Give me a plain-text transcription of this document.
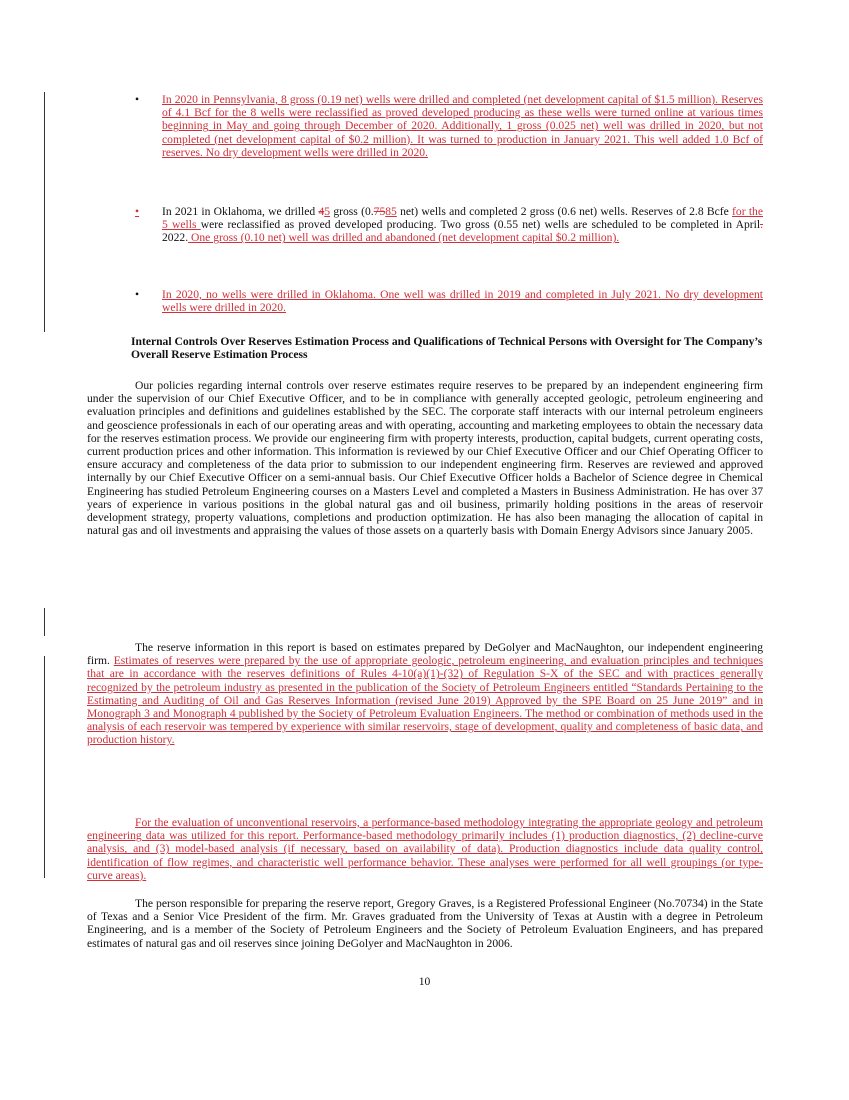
• In 2020 in Pennsylvania, 8 gross (0.19 net) wells were drilled and completed (net development capital of $1.5 million). Reserves of 4.1 Bcf for the 8 wells were reclassified as proved developed producing as these wells were turned online at various times beginning in May and going through December of 2020. Additionally, 1 gross (0.025 net) well was drilled in 2020, but not completed (net development capital of $0.2 million). It was turned to production in January 2021. This well added 1.0 Bcf of reserves. No dry development wells were drilled in 2020.

• In 2021 in Oklahoma, we drilled 45 gross (0.7585 net) wells and completed 2 gross (0.6 net) wells. Reserves of 2.8 Bcfe for the 5 wells were reclassified as proved developed producing. Two gross (0.55 net) wells are scheduled to be completed in April. 2022. One gross (0.10 net) well was drilled and abandoned (net development capital $0.2 million).

• In 2020, no wells were drilled in Oklahoma. One well was drilled in 2019 and completed in July 2021. No dry development wells were drilled in 2020.

Internal Controls Over Reserves Estimation Process and Qualifications of Technical Persons with Oversight for The Company’s Overall Reserve Estimation Process
Our policies regarding internal controls over reserve estimates require reserves to be prepared by an independent engineering firm under the supervision of our Chief Executive Officer, and to be in compliance with generally accepted geologic, petroleum engineering and evaluation principles and definitions and guidelines established by the SEC. The corporate staff interacts with our internal petroleum engineers and geoscience professionals in each of our operating areas and with operating, accounting and marketing employees to obtain the necessary data for the reserves estimation process. We provide our engineering firm with property interests, production, capital budgets, current operating costs, current production prices and other information. This information is reviewed by our Chief Executive Officer and our Chief Operating Officer to ensure accuracy and completeness of the data prior to submission to our independent engineering firm. Reserves are reviewed and approved internally by our Chief Executive Officer on a semi-annual basis. Our Chief Executive Officer holds a Bachelor of Science degree in Chemical Engineering has studied Petroleum Engineering courses on a Masters Level and completed a Masters in Business Administration. He has over 37 years of experience in various positions in the global natural gas and oil business, primarily holding positions in the areas of reservoir development strategy, property valuations, completions and production optimization. He has also been managing the allocation of capital in natural gas and oil investments and appraising the values of those assets on a quarterly basis with Domain Energy Advisors since January 2005.
The reserve information in this report is based on estimates prepared by DeGolyer and MacNaughton, our independent engineering firm. Estimates of reserves were prepared by the use of appropriate geologic, petroleum engineering, and evaluation principles and techniques that are in accordance with the reserves definitions of Rules 4-10(a)(1)-(32) of Regulation S-X of the SEC and with practices generally recognized by the petroleum industry as presented in the publication of the Society of Petroleum Engineers entitled “Standards Pertaining to the Estimating and Auditing of Oil and Gas Reserves Information (revised June 2019) Approved by the SPE Board on 25 June 2019” and in Monograph 3 and Monograph 4 published by the Society of Petroleum Evaluation Engineers. The method or combination of methods used in the analysis of each reservoir was tempered by experience with similar reservoirs, stage of development, quality and completeness of basic data, and production history.
For the evaluation of unconventional reservoirs, a performance-based methodology integrating the appropriate geology and petroleum engineering data was utilized for this report. Performance-based methodology primarily includes (1) production diagnostics, (2) decline-curve analysis, and (3) model-based analysis (if necessary, based on availability of data). Production diagnostics include data quality control, identification of flow regimes, and characteristic well performance behavior. These analyses were performed for all well groupings (or type-curve areas).
The person responsible for preparing the reserve report, Gregory Graves, is a Registered Professional Engineer (No.70734) in the State of Texas and a Senior Vice President of the firm. Mr. Graves graduated from the University of Texas at Austin with a degree in Petroleum Engineering, and is a member of the Society of Petroleum Engineers and the Society of Petroleum Evaluation Engineers, and has prepared estimates of natural gas and oil reserves since joining DeGolyer and MacNaughton in 2006.
10
